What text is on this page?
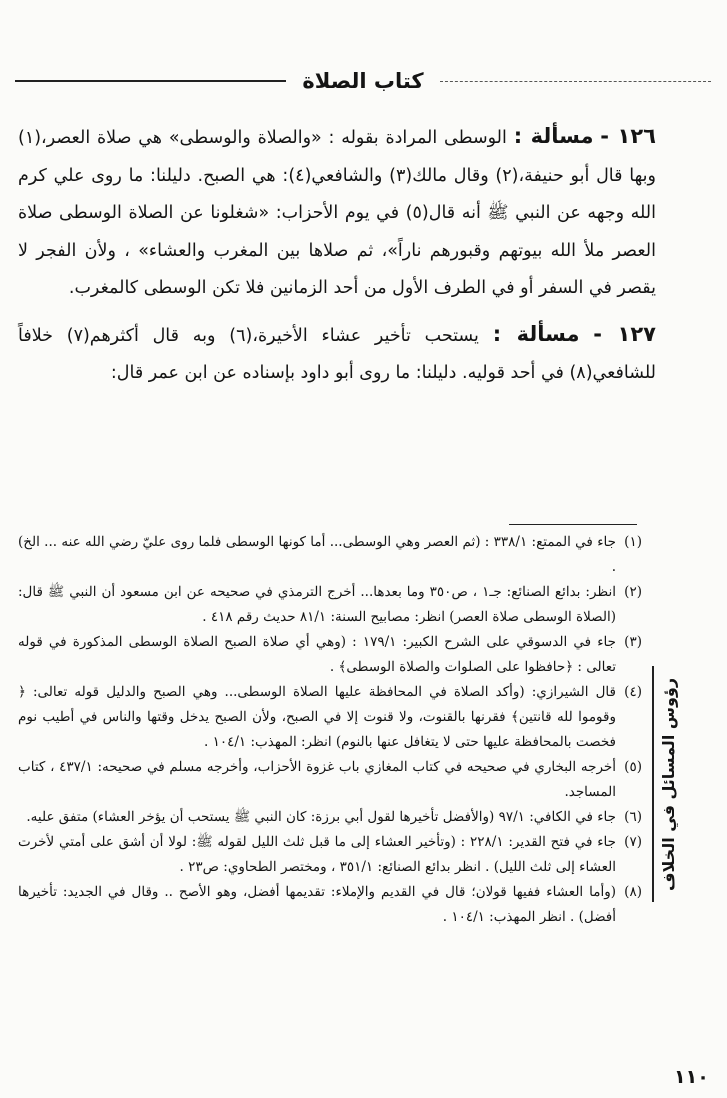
كتاب الصلاة

١٢٦ - مسألة : الوسطى المرادة بقوله : «والصلاة والوسطى» هي صلاة العصر،(١) وبها قال أبو حنيفة،(٢) وقال مالك(٣) والشافعي(٤): هي الصبح. دليلنا: ما روى علي كرم الله وجهه عن النبي ﷺ أنه قال(٥) في يوم الأحزاب: «شغلونا عن الصلاة الوسطى صلاة العصر ملأ الله بيوتهم وقبورهم ناراً»، ثم صلاها بين المغرب والعشاء» ، ولأن الفجر لا يقصر في السفر أو في الطرف الأول من أحد الزمانين فلا تكن الوسطى كالمغرب.

١٢٧ - مسألة : يستحب تأخير عشاء الأخيرة،(٦) وبه قال أكثرهم(٧) خلافاً للشافعي(٨) في أحد قوليه. دليلنا: ما روى أبو داود بإسناده عن ابن عمر قال:

(١)
جاء في الممتع: ٣٣٨/١ : (ثم العصر وهي الوسطى... أما كونها الوسطى فلما روى عليّ رضي الله عنه ... الخ) .

(٢)
انظر: بدائع الصنائع: جـ١ ، ص٣٥٠ وما بعدها... أخرج الترمذي في صحيحه عن ابن مسعود أن النبي ﷺ قال: (الصلاة الوسطى صلاة العصر) انظر: مصابيح السنة: ٨١/١ حديث رقم ٤١٨ .

(٣)
جاء في الدسوقي على الشرح الكبير: ١٧٩/١ : (وهي أي صلاة الصبح الصلاة الوسطى المذكورة في قوله تعالى : ﴿حافظوا على الصلوات والصلاة الوسطى﴾ .

(٤)
قال الشيرازي: (وأكد الصلاة في المحافظة عليها الصلاة الوسطى... وهي الصبح والدليل قوله تعالى: ﴿ وقوموا لله قانتين﴾ فقرنها بالقنوت، ولا قنوت إلا في الصبح، ولأن الصبح يدخل وقتها والناس في أطيب نوم فخصت بالمحافظة عليها حتى لا يتغافل عنها بالنوم) انظر: المهذب: ١٠٤/١ .

(٥)
أخرجه البخاري في صحيحه في كتاب المغازي باب غزوة الأحزاب، وأخرجه مسلم في صحيحه: ٤٣٧/١ ، كتاب المساجد.

(٦)
جاء في الكافي: ٩٧/١ (والأفضل تأخيرها لقول أبي برزة: كان النبي ﷺ يستحب أن يؤخر العشاء) متفق عليه.

(٧)
جاء في فتح القدير: ٢٢٨/١ : (وتأخير العشاء إلى ما قبل ثلث الليل لقوله ﷺ: لولا أن أشق على أمتي لأخرت العشاء إلى ثلث الليل) . انظر بدائع الصنائع: ٣٥١/١ ، ومختصر الطحاوي: ص٢٣ .

(٨)
(وأما العشاء ففيها قولان؛ قال في القديم والإملاء: تقديمها أفضل، وهو الأصح .. وقال في الجديد: تأخيرها أفضل) . انظر المهذب: ١٠٤/١ .

رؤوس المسائل في الخلاف
١١٠
